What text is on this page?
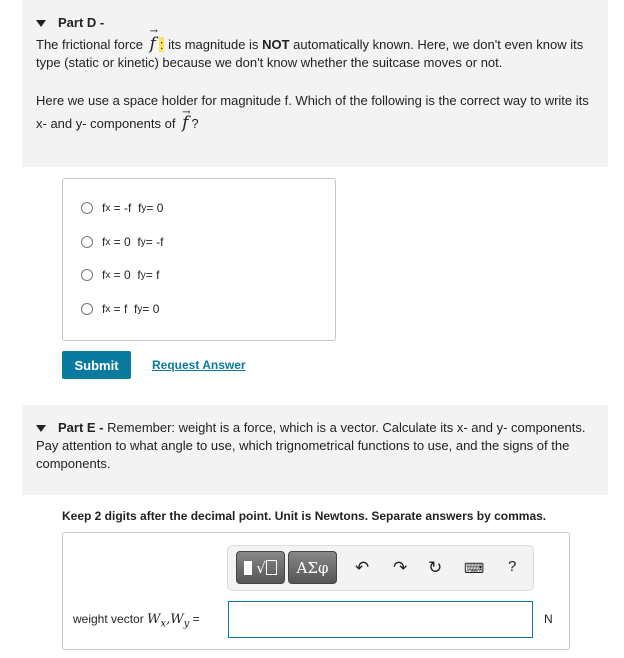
Part D -
The frictional force → f : its magnitude is NOT automatically known. Here, we don't even know its type (static or kinetic) because we don't know whether the suitcase moves or not.
Here we use a space holder for magnitude f. Which of the following is the correct way to write its x- and y- components of → f ?
f x = -f f y = 0
f x = 0 f y = -f
f x = 0 f y = f
f x = f f y = 0
Submit	Request Answer
Part E - Remember: weight is a force, which is a vector. Calculate its x- and y- components. Pay attention to what angle to use, which trignometrical functions to use, and the signs of the components.
Keep 2 digits after the decimal point. Unit is Newtons. Separate answers by commas.
√	ΑΣφ	↶ ↷ ↻ ⌨ ?
weight vector $W_x,W_y$ =	N
